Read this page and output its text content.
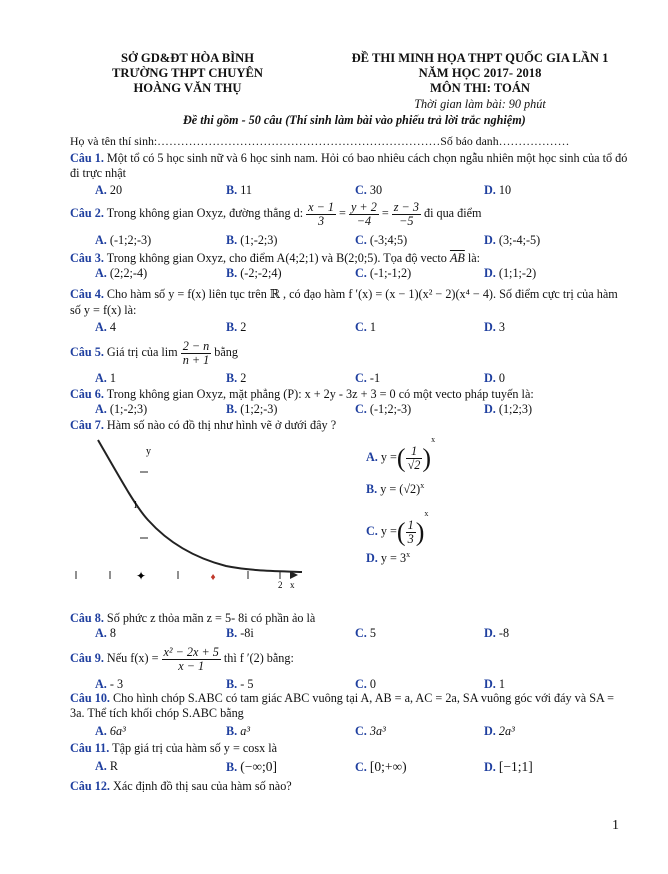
SỞ GD&ĐT HÒA BÌNH
TRƯỜNG THPT CHUYÊN
HOÀNG VĂN THỤ
ĐỀ THI MINH HỌA THPT QUỐC GIA LẦN 1
NĂM HỌC 2017- 2018
MÔN THI: TOÁN
Thời gian làm bài: 90 phút
Đề thi gồm - 50 câu (Thí sinh làm bài vào phiếu trả lời trắc nghiệm)
Họ và tên thí sinh:………………………………………………………………Số báo danh………………
Câu 1. Một tổ có 5 học sinh nữ và 6 học sinh nam. Hỏi có bao nhiêu cách chọn ngẫu nhiên một học sinh của tổ đó đi trực nhật
A. 20	B. 11	C. 30	D. 10
Câu 2. Trong không gian Oxyz, đường thẳng d: $\frac{x - 1}{3} = \frac{y + 2}{-4} = \frac{z - 3}{-5}$ đi qua điểm
A. (-1;2;-3)	B. (1;-2;3)	C. (-3;4;5)	D. (3;-4;-5)
Câu 3. Trong không gian Oxyz, cho điểm A(4;2;1) và B(2;0;5). Tọa độ vecto $\overline{AB}$ là:
A. (2;2;-4)	B. (-2;-2;4)	C. (-1;-1;2)	D. (1;1;-2)
Câu 4. Cho hàm số y = f(x) liên tục trên ℝ , có đạo hàm f ′(x) = (x − 1)(x² − 2)(x⁴ − 4). Số điểm cực trị của hàm số y = f(x) là:
A. 4	B. 2	C. 1	D. 3
Câu 5. Giá trị của $\lim \frac{2 - n}{n + 1}$ bằng
A. 1	B. 2	C. -1	D. 0
Câu 6. Trong không gian Oxyz, mặt phẳng (P): x + 2y - 3z + 3 = 0 có một vecto pháp tuyến là:
A. (1;-2;3)	B. (1;2;-3)	C. (-1;2;-3)	D. (1;2;3)
Câu 7. Hàm số nào có đồ thị như hình vẽ ở dưới đây ?
✦	♦
y
1
2 x
A. y =( $\frac{1}{√2} )^x$
B. $y = (√2)^x$
C. y =( $\frac{1}{3} )^x$
D. $y = 3^x$
Câu 8. Số phức z thỏa mãn z = 5- 8i có phần ảo là
A. 8	B. -8i	C. 5	D. -8
Câu 9. Nếu $f(x) = \frac{\text{x² − 2x + 5}}{x - 1}$ thì f ′(2) bằng:
A. - 3	B. - 5	C. 0	D. 1
Câu 10. Cho hình chóp S.ABC có tam giác ABC vuông tại A, AB = a, AC = 2a, SA vuông góc với đáy và SA = 3a. Thể tích khối chóp S.ABC bằng
A. 6a³	B. a³	C. 3a³	D. 2a³
Câu 11. Tập giá trị của hàm số y = cosx là
A. R	B. (−∞;0]	C. [0;+∞)	D. [−1;1]
Câu 12. Xác định đồ thị sau của hàm số nào?
1
